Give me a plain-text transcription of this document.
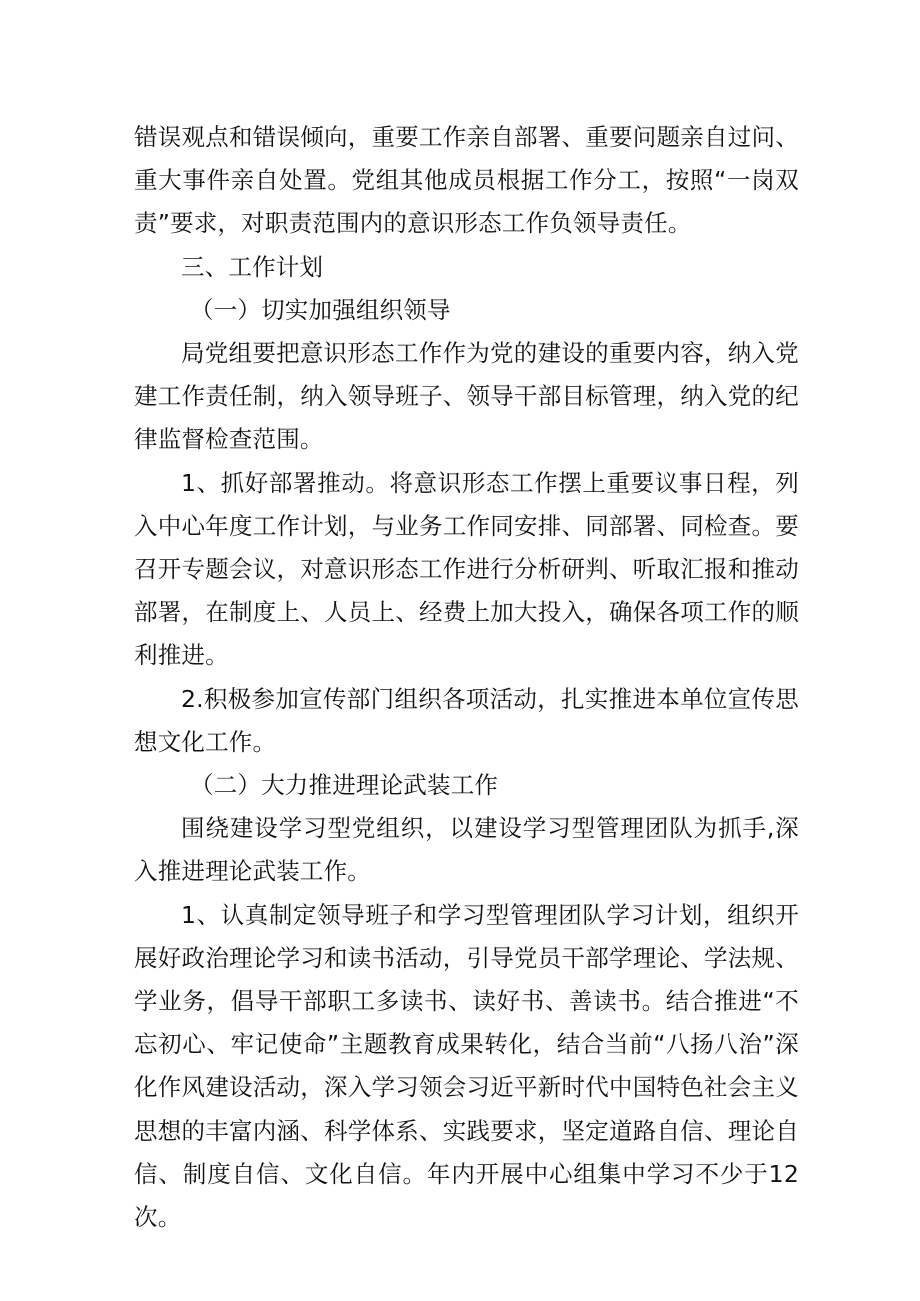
错误观点和错误倾向，重要工作亲自部署、重要问题亲自过问、重大事件亲自处置。党组其他成员根据工作分工，按照“一岗双责”要求，对职责范围内的意识形态工作负领导责任。

三、工作计划

（一）切实加强组织领导

局党组要把意识形态工作作为党的建设的重要内容，纳入党建工作责任制，纳入领导班子、领导干部目标管理，纳入党的纪律监督检查范围。

1、抓好部署推动。将意识形态工作摆上重要议事日程，列入中心年度工作计划，与业务工作同安排、同部署、同检查。要召开专题会议，对意识形态工作进行分析研判、听取汇报和推动部署，在制度上、人员上、经费上加大投入，确保各项工作的顺利推进。

2.积极参加宣传部门组织各项活动，扎实推进本单位宣传思想文化工作。

（二）大力推进理论武装工作

围绕建设学习型党组织，以建设学习型管理团队为抓手,深入推进理论武装工作。

1、认真制定领导班子和学习型管理团队学习计划，组织开展好政治理论学习和读书活动，引导党员干部学理论、学法规、学业务，倡导干部职工多读书、读好书、善读书。结合推进“不忘初心、牢记使命”主题教育成果转化，结合当前“八扬八治”深化作风建设活动，深入学习领会习近平新时代中国特色社会主义思想的丰富内涵、科学体系、实践要求，坚定道路自信、理论自信、制度自信、文化自信。年内开展中心组集中学习不少于12次。
